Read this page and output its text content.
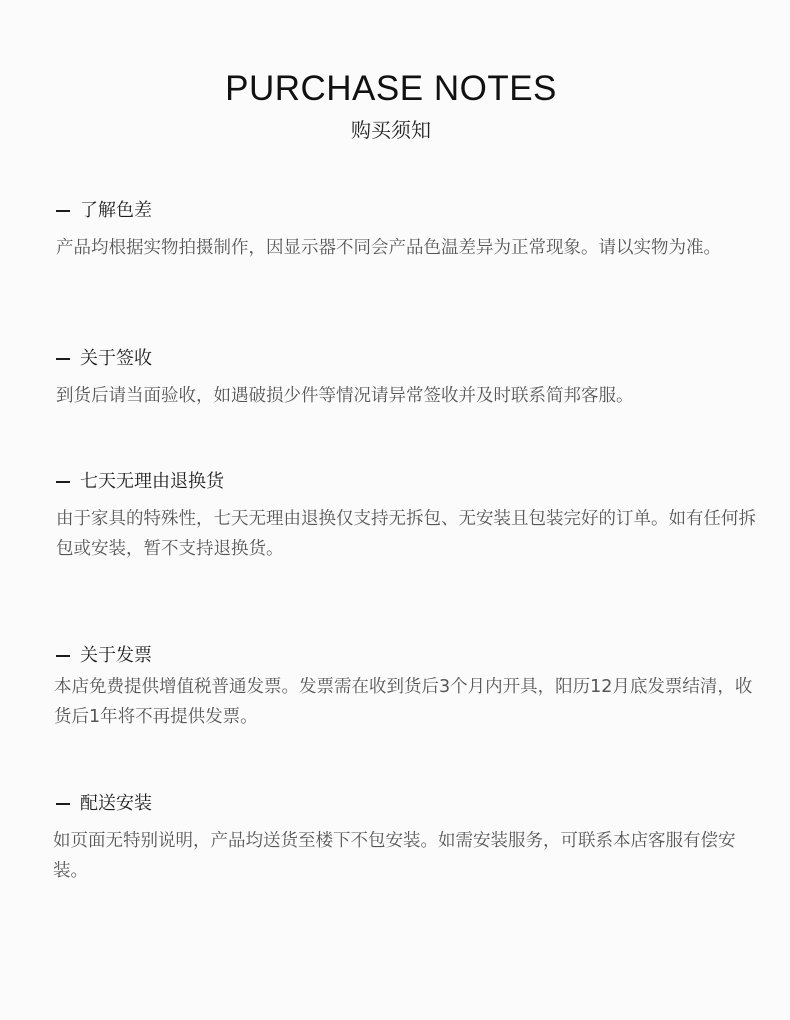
PURCHASE NOTES
购买须知
了解色差
产品均根据实物拍摄制作，因显示器不同会产品色温差异为正常现象。请以实物为准。
关于签收
到货后请当面验收，如遇破损少件等情况请异常签收并及时联系简邦客服。
七天无理由退换货
由于家具的特殊性，七天无理由退换仅支持无拆包、无安装且包装完好的订单。如有任何拆包或安装，暂不支持退换货。
关于发票
本店免费提供增值税普通发票。发票需在收到货后3个月内开具，阳历12月底发票结清，收货后1年将不再提供发票。
配送安装
如页面无特别说明，产品均送货至楼下不包安装。如需安装服务，可联系本店客服有偿安装。
